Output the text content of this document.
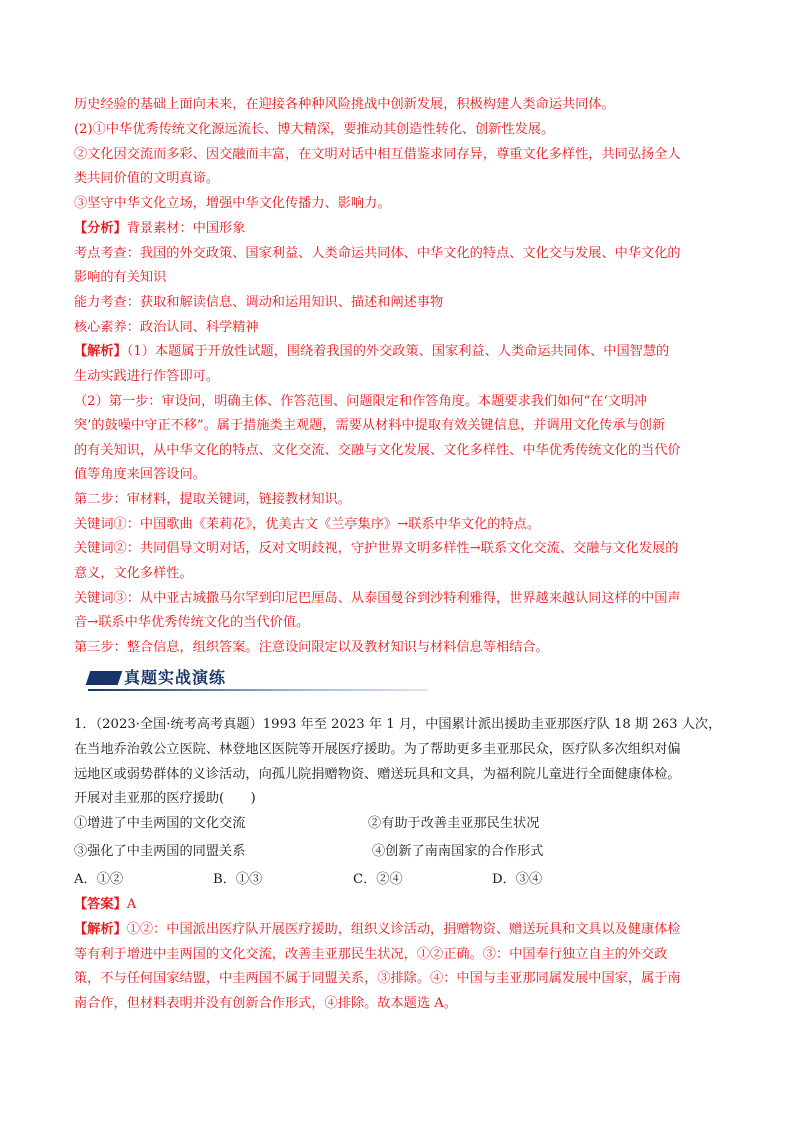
历史经验的基础上面向未来，在迎接各种种风险挑战中创新发展，积极构建人类命运共同体。
(2)①中华优秀传统文化源远流长、博大精深，要推动其创造性转化、创新性发展。
②文化因交流而多彩、因交融而丰富，在文明对话中相互借鉴求同存异，尊重文化多样性，共同弘扬全人
类共同价值的文明真谛。
③坚守中华文化立场，增强中华文化传播力、影响力。
【分析】背景素材：中国形象
考点考查：我国的外交政策、国家利益、人类命运共同体、中华文化的特点、文化交与发展、中华文化的
影响的有关知识
能力考查：获取和解读信息、调动和运用知识、描述和阐述事物
核心素养：政治认同、科学精神
【解析】（1）本题属于开放性试题，围绕着我国的外交政策、国家利益、人类命运共同体、中国智慧的
生动实践进行作答即可。
（2）第一步：审设问，明确主体、作答范围、问题限定和作答角度。本题要求我们如何“在‘文明冲
突’的鼓噪中守正不移”。属于措施类主观题，需要从材料中提取有效关键信息，并调用文化传承与创新
的有关知识，从中华文化的特点、文化交流、交融与文化发展、文化多样性、中华优秀传统文化的当代价
值等角度来回答设问。
第二步：审材料，提取关键词，链接教材知识。
关键词①：中国歌曲《茉莉花》，优美古文《兰亭集序》→联系中华文化的特点。
关键词②：共同倡导文明对话，反对文明歧视，守护世界文明多样性→联系文化交流、交融与文化发展的
意义，文化多样性。
关键词③：从中亚古城撒马尔罕到印尼巴厘岛、从泰国曼谷到沙特利雅得，世界越来越认同这样的中国声
音→联系中华优秀传统文化的当代价值。
第三步：整合信息，组织答案。注意设问限定以及教材知识与材料信息等相结合。
真题实战演练
1．（2023·全国·统考高考真题）1993 年至 2023 年 1 月，中国累计派出援助圭亚那医疗队 18 期 263 人次，
在当地乔治敦公立医院、林登地区医院等开展医疗援助。为了帮助更多圭亚那民众，医疗队多次组织对偏
远地区或弱势群体的义诊活动，向孤儿院捐赠物资、赠送玩具和文具，为福利院儿童进行全面健康体检。
开展对圭亚那的医疗援助(　　)
①增进了中圭两国的文化交流	②有助于改善圭亚那民生状况
③强化了中圭两国的同盟关系	④创新了南南国家的合作形式
A．①②	B．①③	C．②④	D．③④
【答案】A
【解析】①②：中国派出医疗队开展医疗援助，组织义诊活动，捐赠物资、赠送玩具和文具以及健康体检
等有利于增进中圭两国的文化交流，改善圭亚那民生状况，①②正确。③：中国奉行独立自主的外交政
策，不与任何国家结盟，中圭两国不属于同盟关系，③排除。④：中国与圭亚那同属发展中国家，属于南
南合作，但材料表明并没有创新合作形式，④排除。故本题选 A。
